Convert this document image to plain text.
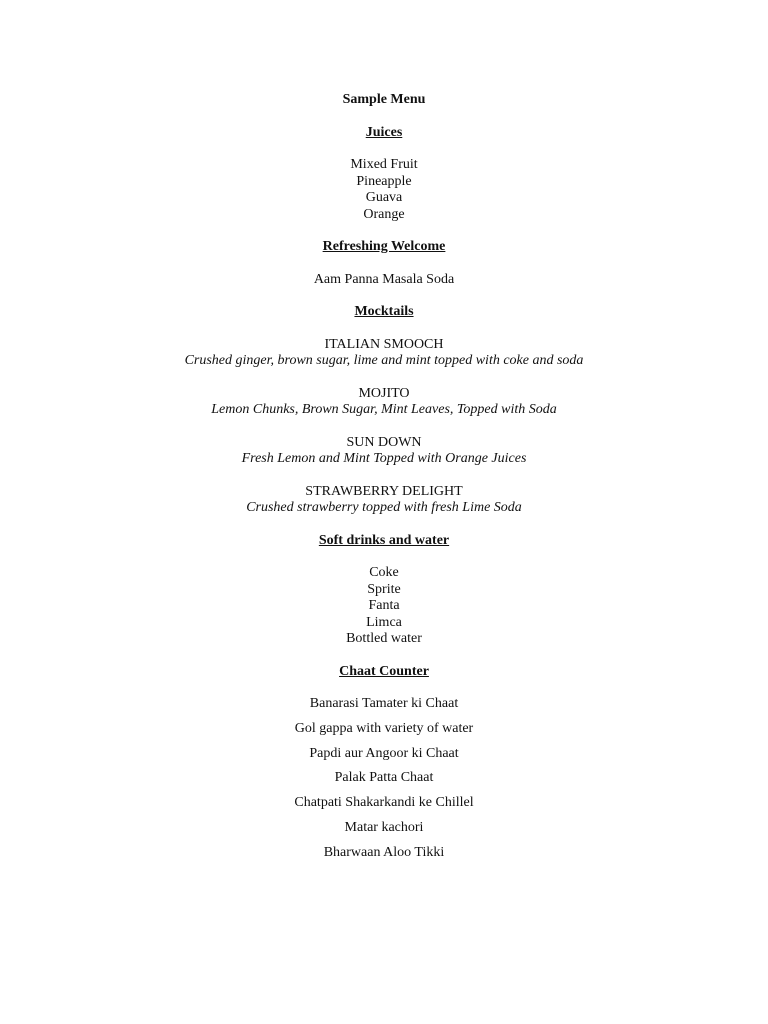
Sample Menu
Juices
Mixed Fruit
Pineapple
Guava
Orange
Refreshing Welcome
Aam Panna Masala Soda
Mocktails
ITALIAN SMOOCH
Crushed ginger, brown sugar, lime and mint topped with coke and soda
MOJITO
Lemon Chunks, Brown Sugar, Mint Leaves, Topped with Soda
SUN DOWN
Fresh Lemon and Mint Topped with Orange Juices
STRAWBERRY DELIGHT
Crushed strawberry topped with fresh Lime Soda
Soft drinks and water
Coke
Sprite
Fanta
Limca
Bottled water
Chaat Counter
Banarasi Tamater ki Chaat
Gol gappa with variety of water
Papdi aur Angoor ki Chaat
Palak Patta Chaat
Chatpati Shakarkandi ke Chillel
Matar kachori
Bharwaan Aloo Tikki
